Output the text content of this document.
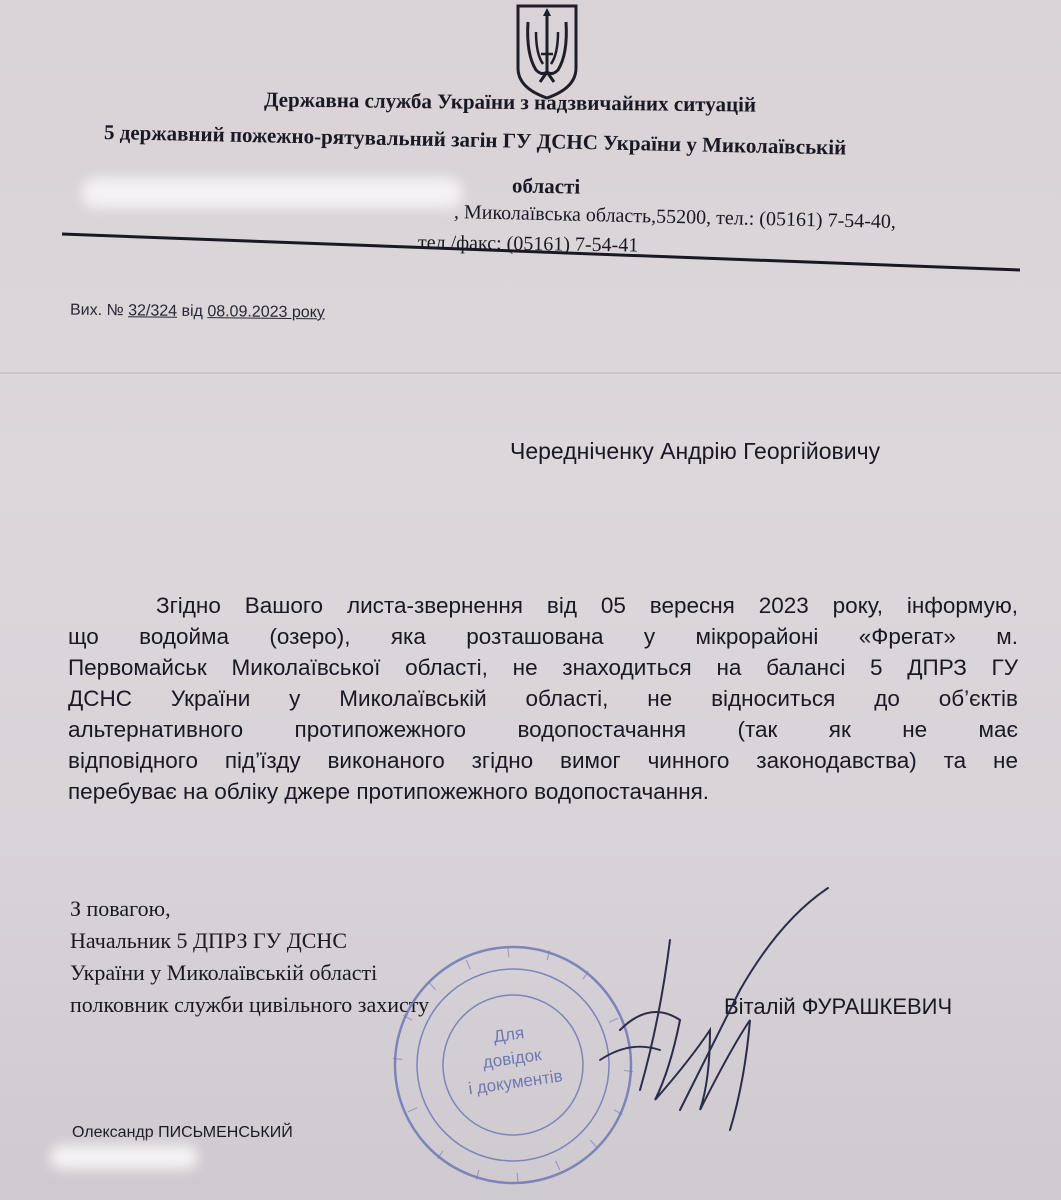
Державна служба України з надзвичайних ситуацій
5 державний пожежно-рятувальний загін ГУ ДСНС України у Миколаївській
області
, Миколаївська область,55200, тел.: (05161) 7-54-40,
тел./факс: (05161) 7-54-41
Вих. № 32/324 від 08.09.2023 року
Чередніченку Андрію Георгійовичу
Згідно Вашого листа-звернення від 05 вересня 2023 року, інформую,
що водойма (озеро), яка розташована у мікрорайоні «Фрегат» м.
Первомайськ Миколаївської області, не знаходиться на балансі 5 ДПРЗ ГУ
ДСНС України у Миколаївській області, не відноситься до об’єктів
альтернативного протипожежного водопостачання (так як не має
відповідного під’їзду виконаного згідно вимог чинного законодавства) та не
перебуває на обліку джере протипожежного водопостачання.
З повагою,
Начальник 5 ДПРЗ ГУ ДСНС
України у Миколаївській області
полковник служби цивільного захисту	Віталій ФУРАШКЕВИЧ
Для
довідок
і документів
Олександр ПИСЬМЕНСЬКИЙ
